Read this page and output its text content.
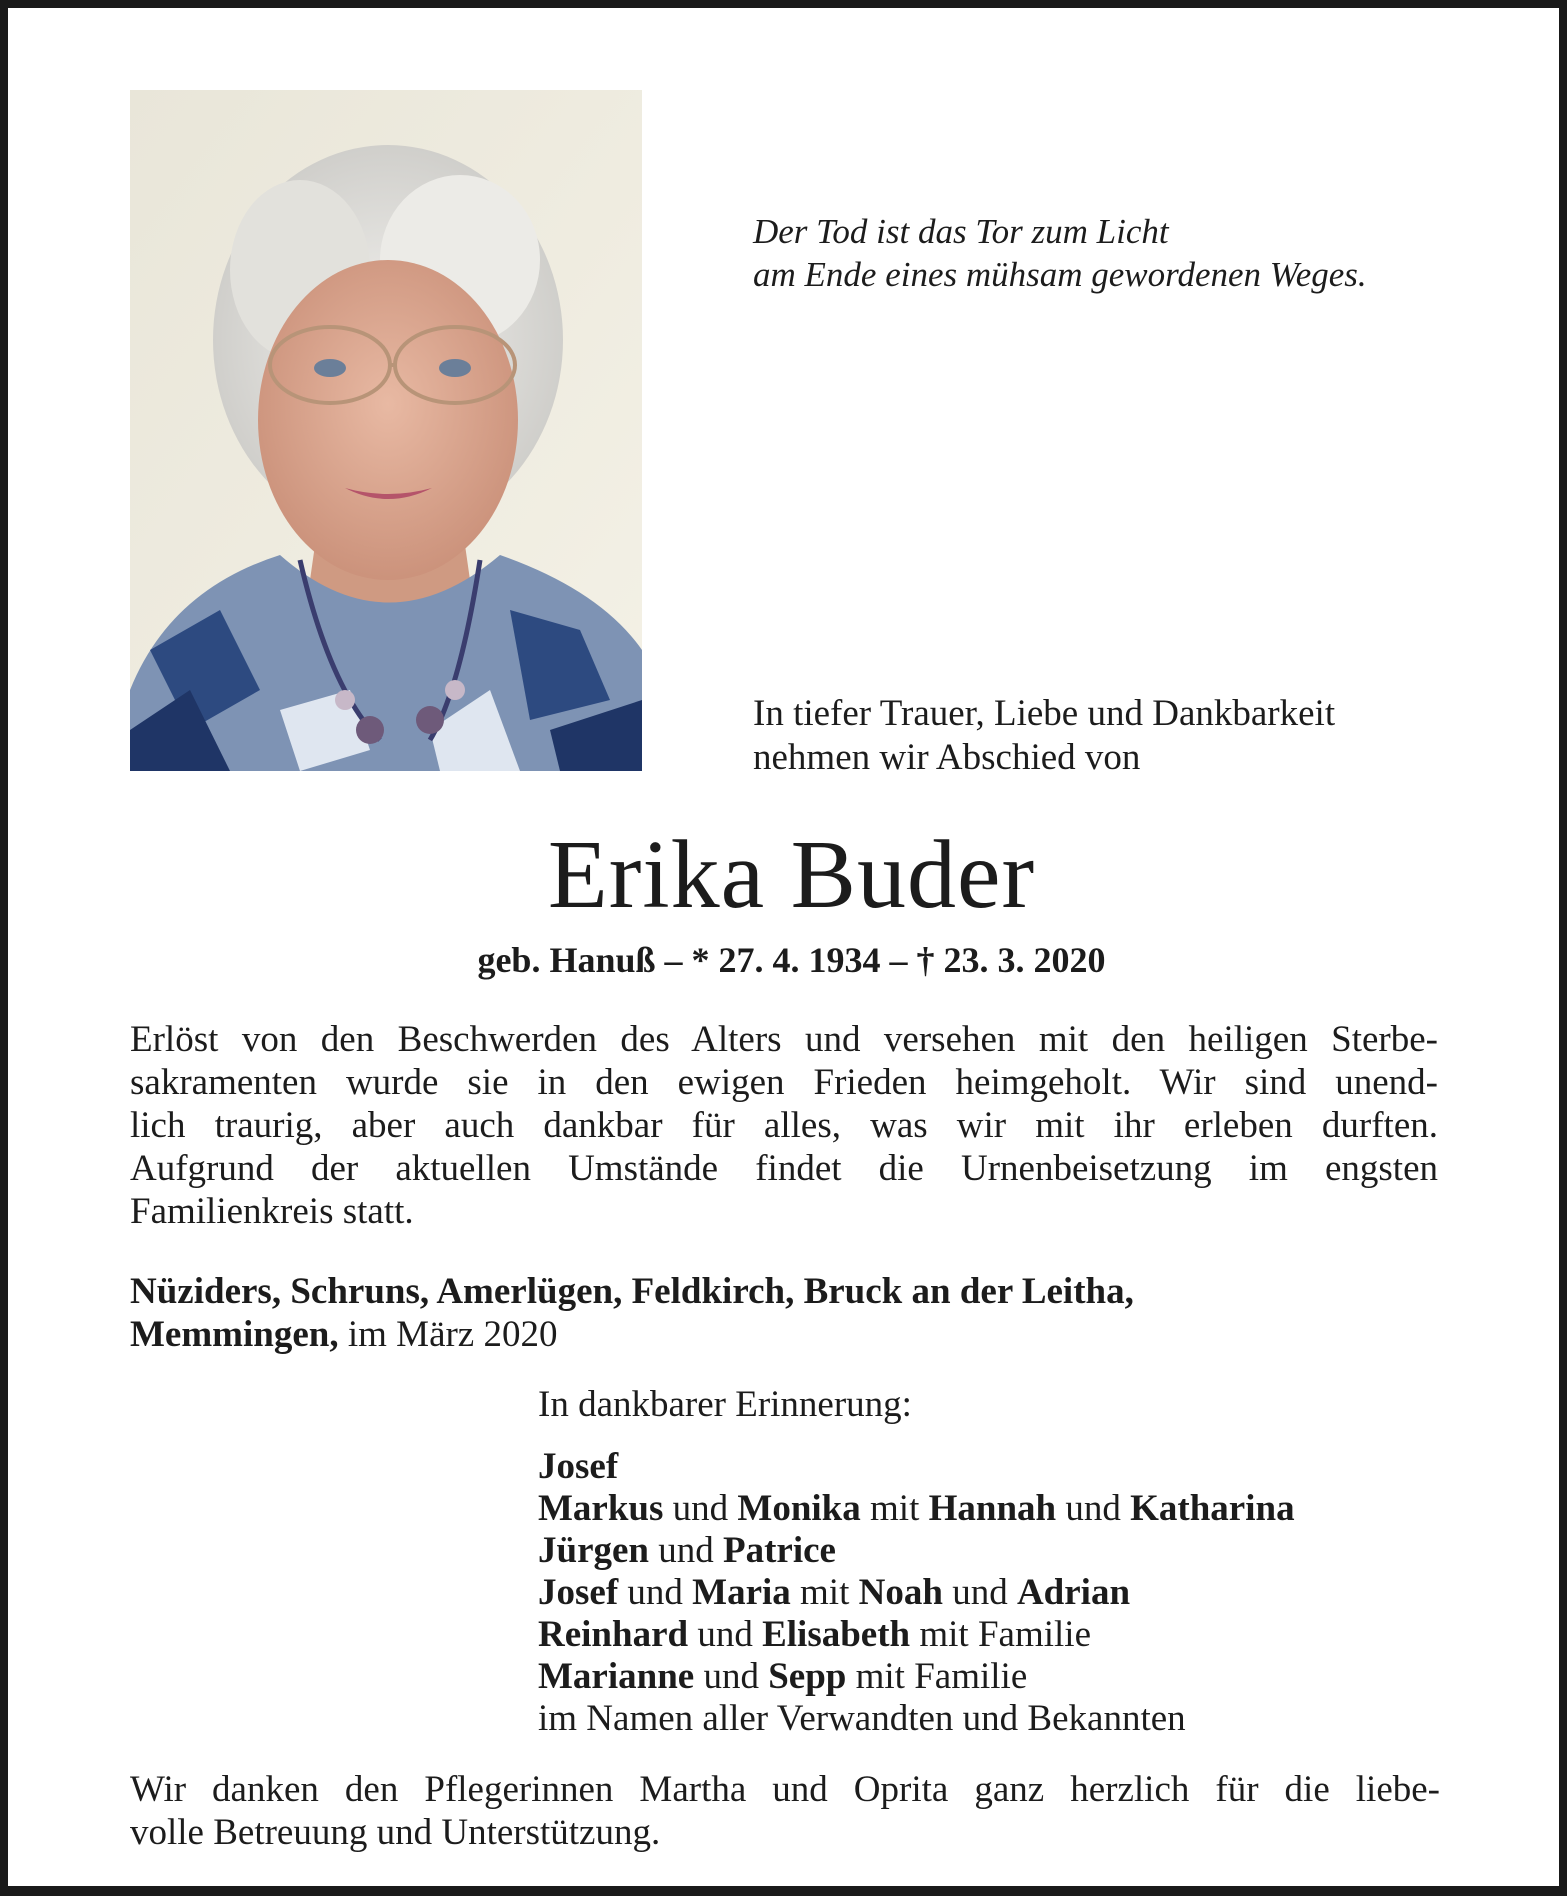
Der Tod ist das Tor zum Licht
am Ende eines mühsam gewordenen Weges.
In tiefer Trauer, Liebe und Dankbarkeit
nehmen wir Abschied von
Erika Buder
geb. Hanuß – * 27. 4. 1934 – † 23. 3. 2020
Erlöst von den Beschwerden des Alters und versehen mit den heiligen Sterbe-
sakramenten wurde sie in den ewigen Frieden heimgeholt. Wir sind unend-
lich traurig, aber auch dankbar für alles, was wir mit ihr erleben durften.
Aufgrund der aktuellen Umstände findet die Urnenbeisetzung im engsten
Familienkreis statt.
Nüziders, Schruns, Amerlügen, Feldkirch, Bruck an der Leitha,
Memmingen, im März 2020
In dankbarer Erinnerung:
Josef
Markus und Monika mit Hannah und Katharina
Jürgen und Patrice
Josef und Maria mit Noah und Adrian
Reinhard und Elisabeth mit Familie
Marianne und Sepp mit Familie
im Namen aller Verwandten und Bekannten
Wir danken den Pflegerinnen Martha und Oprita ganz herzlich für die liebe-
volle Betreuung und Unterstützung.
